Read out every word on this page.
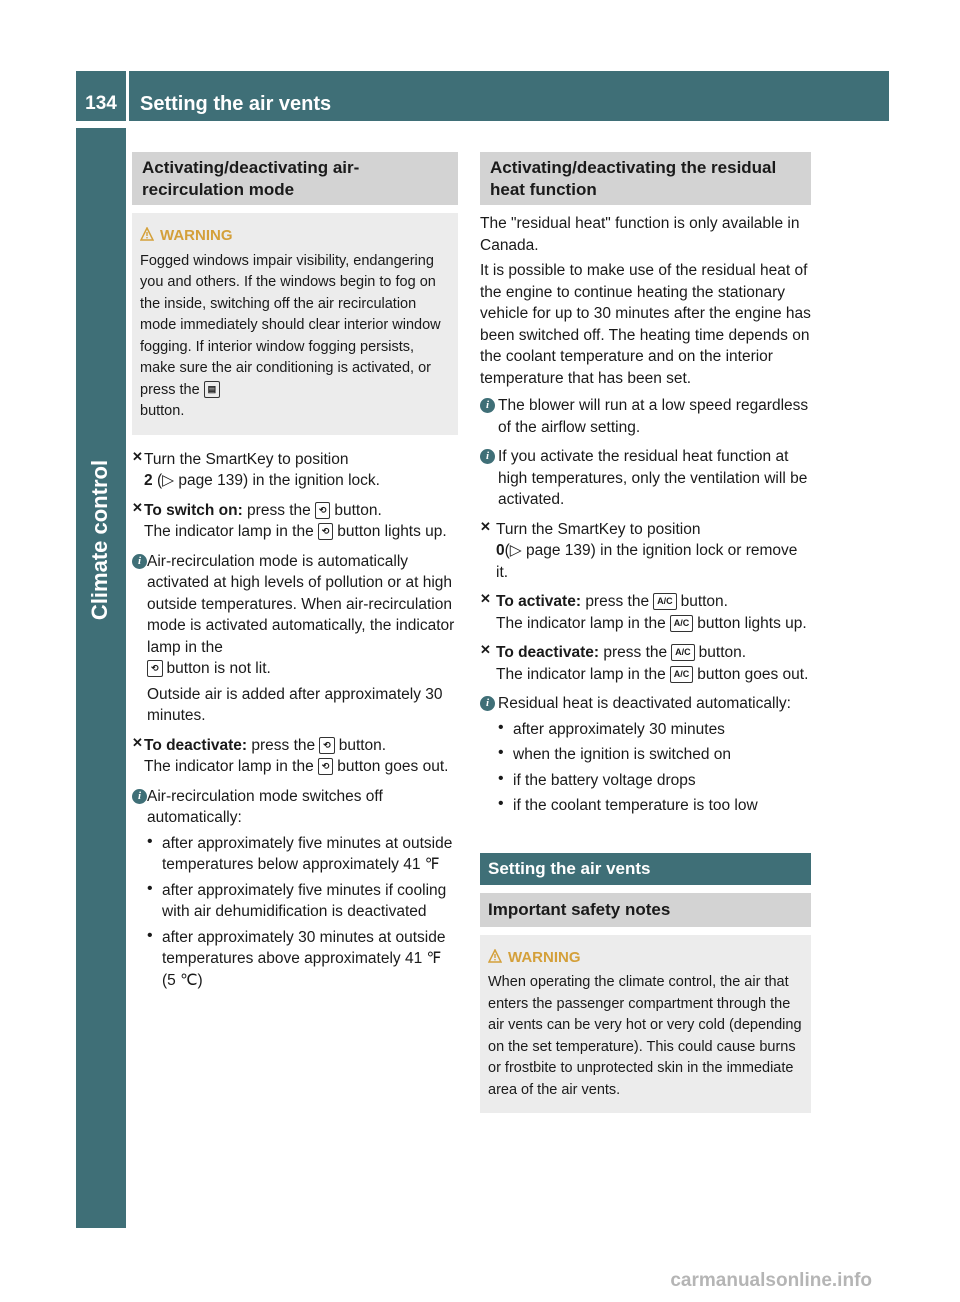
134	Setting the air vents
Climate control
Activating/deactivating air-recirculation mode
WARNING
Fogged windows impair visibility, endangering you and others. If the windows begin to fog on the inside, switching off the air recirculation mode immediately should clear interior window fogging. If interior window fogging persists, make sure the air conditioning is activated, or press the ▤
button.
✕ Turn the SmartKey to position
2 (▷ page 139) in the ignition lock.

✕ To switch on: press the ⟲ button.
The indicator lamp in the ⟲ button lights up.

i Air-recirculation mode is automatically activated at high levels of pollution or at high outside temperatures. When air-recirculation mode is activated automatically, the indicator lamp in the
⟲ button is not lit.

Outside air is added after approximately 30 minutes.

✕ To deactivate: press the ⟲ button.
The indicator lamp in the ⟲ button goes out.

i Air-recirculation mode switches off automatically:

• after approximately five minutes at outside temperatures below approximately 41 ℉

• after approximately five minutes if cooling with air dehumidification is deactivated

• after approximately 30 minutes at outside temperatures above approximately 41 ℉ (5 ℃)

Activating/deactivating the residual heat function

The "residual heat" function is only available in Canada.

It is possible to make use of the residual heat of the engine to continue heating the stationary vehicle for up to 30 minutes after the engine has been switched off. The heating time depends on the coolant temperature and on the interior temperature that has been set.

i The blower will run at a low speed regardless of the airflow setting.

i If you activate the residual heat function at high temperatures, only the ventilation will be activated.

✕ Turn the SmartKey to position
0(▷ page 139) in the ignition lock or remove it.

✕ To activate: press the A/C button.
The indicator lamp in the A/C button lights up.

✕ To deactivate: press the A/C button.
The indicator lamp in the A/C button goes out.

i Residual heat is deactivated automatically:

• after approximately 30 minutes

• when the ignition is switched on

• if the battery voltage drops

• if the coolant temperature is too low

Setting the air vents
Important safety notes
WARNING
When operating the climate control, the air that enters the passenger compartment through the air vents can be very hot or very cold (depending on the set temperature). This could cause burns or frostbite to unprotected skin in the immediate area of the air vents.
carmanualsonline.info
